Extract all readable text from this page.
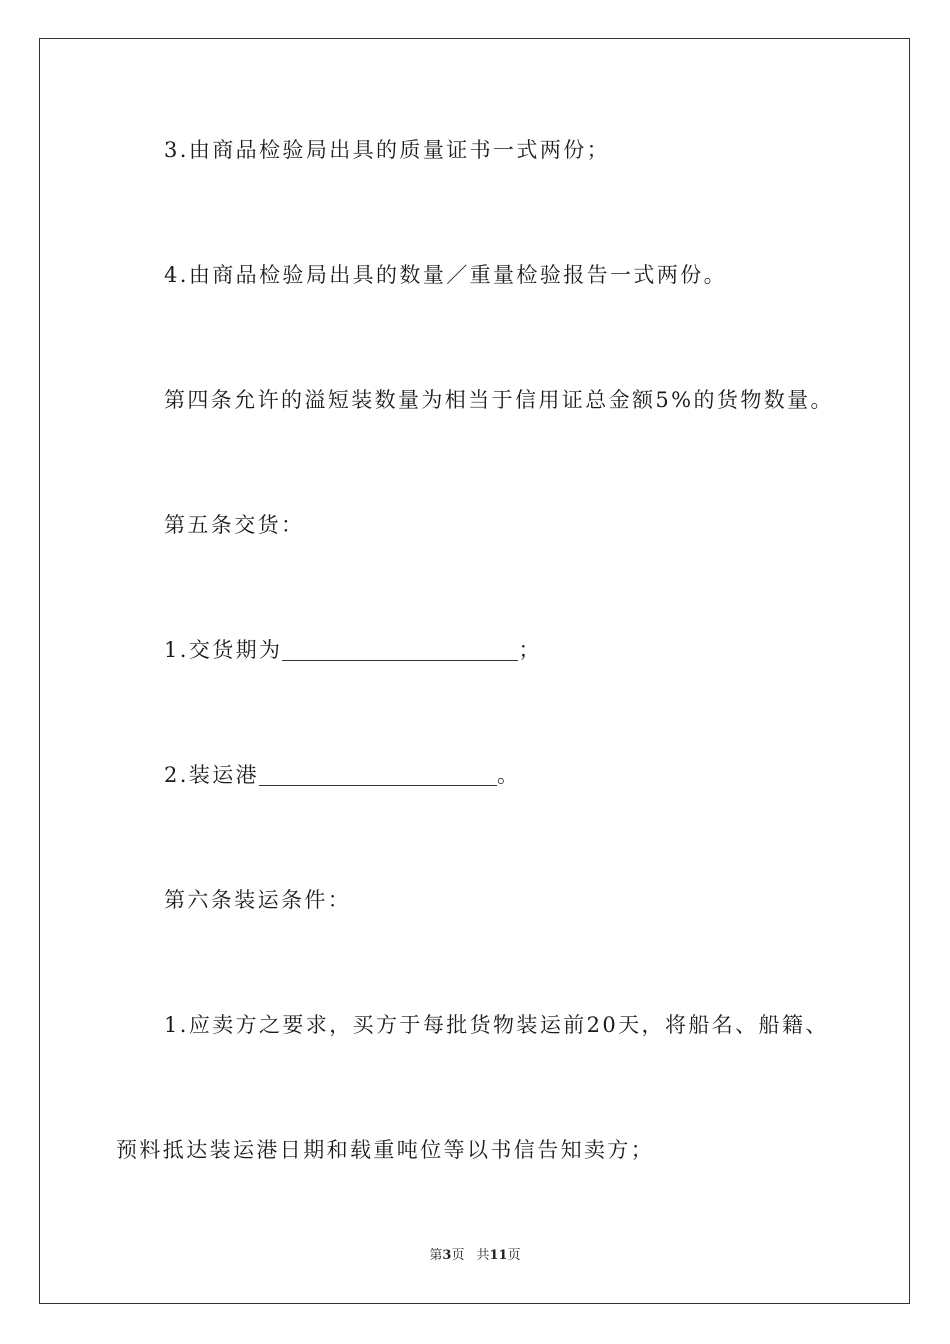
3.由商品检验局出具的质量证书一式两份；

4.由商品检验局出具的数量／重量检验报告一式两份。

第四条允许的溢短装数量为相当于信用证总金额5%的货物数量。

第五条交货：

1.交货期为	；

2.装运港	。

第六条装运条件：

1.应卖方之要求，买方于每批货物装运前20天，将船名、船籍、

预料抵达装运港日期和载重吨位等以书信告知卖方；

第3页 共11页
